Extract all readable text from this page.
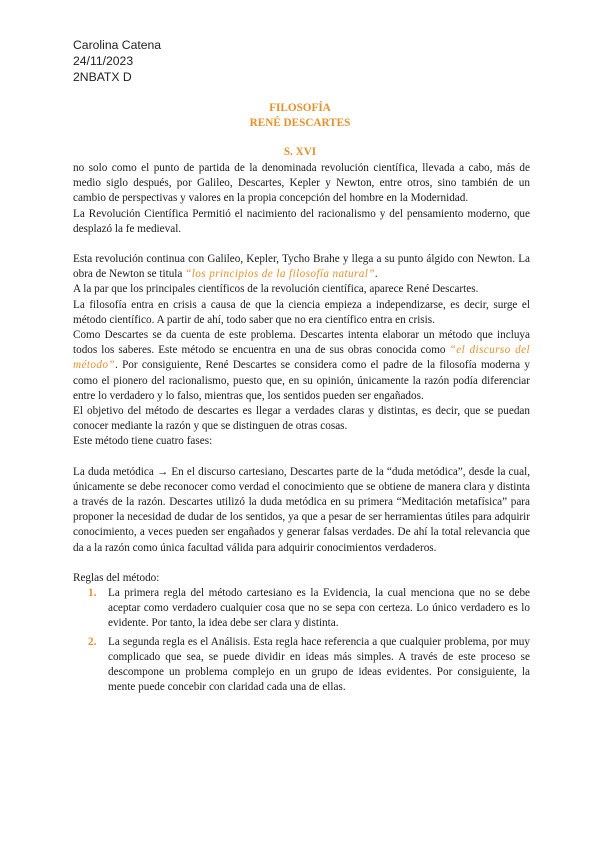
Carolina Catena
24/11/2023
2NBATX D
FILOSOFÍA
RENÉ DESCARTES
S. XVI

no solo como el punto de partida de la denominada revolución científica, llevada a cabo, más de medio siglo después, por Galileo, Descartes, Kepler y Newton, entre otros, sino también de un cambio de perspectivas y valores en la propia concepción del hombre en la Modernidad.

La Revolución Científica Permitió el nacimiento del racionalismo y del pensamiento moderno, que desplazó la fe medieval.

Esta revolución continua con Galileo, Kepler, Tycho Brahe y llega a su punto álgido con Newton. La obra de Newton se titula “los principios de la filosofía natural”.

A la par que los principales científicos de la revolución científica, aparece René Descartes.

La filosofía entra en crisis a causa de que la ciencia empieza a independizarse, es decir, surge el método científico. A partir de ahí, todo saber que no era científico entra en crisis.

Como Descartes se da cuenta de este problema. Descartes intenta elaborar un método que incluya todos los saberes. Este método se encuentra en una de sus obras conocida como “el discurso del método”. Por consiguiente, René Descartes se considera como el padre de la filosofía moderna y como el pionero del racionalismo, puesto que, en su opinión, únicamente la razón podía diferenciar entre lo verdadero y lo falso, mientras que, los sentidos pueden ser engañados.

El objetivo del método de descartes es llegar a verdades claras y distintas, es decir, que se puedan conocer mediante la razón y que se distinguen de otras cosas.

Este método tiene cuatro fases:

La duda metódica → En el discurso cartesiano, Descartes parte de la “duda metódica”, desde la cual, únicamente se debe reconocer como verdad el conocimiento que se obtiene de manera clara y distinta a través de la razón. Descartes utilizó la duda metódica en su primera “Meditación metafísica” para proponer la necesidad de dudar de los sentidos, ya que a pesar de ser herramientas útiles para adquirir conocimiento, a veces pueden ser engañados y generar falsas verdades. De ahí la total relevancia que da a la razón como única facultad válida para adquirir conocimientos verdaderos.

Reglas del método:

1. La primera regla del método cartesiano es la Evidencia, la cual menciona que no se debe aceptar como verdadero cualquier cosa que no se sepa con certeza. Lo único verdadero es lo evidente. Por tanto, la idea debe ser clara y distinta.
2. La segunda regla es el Análisis. Esta regla hace referencia a que cualquier problema, por muy complicado que sea, se puede dividir en ideas más simples. A través de este proceso se descompone un problema complejo en un grupo de ideas evidentes. Por consiguiente, la mente puede concebir con claridad cada una de ellas.
